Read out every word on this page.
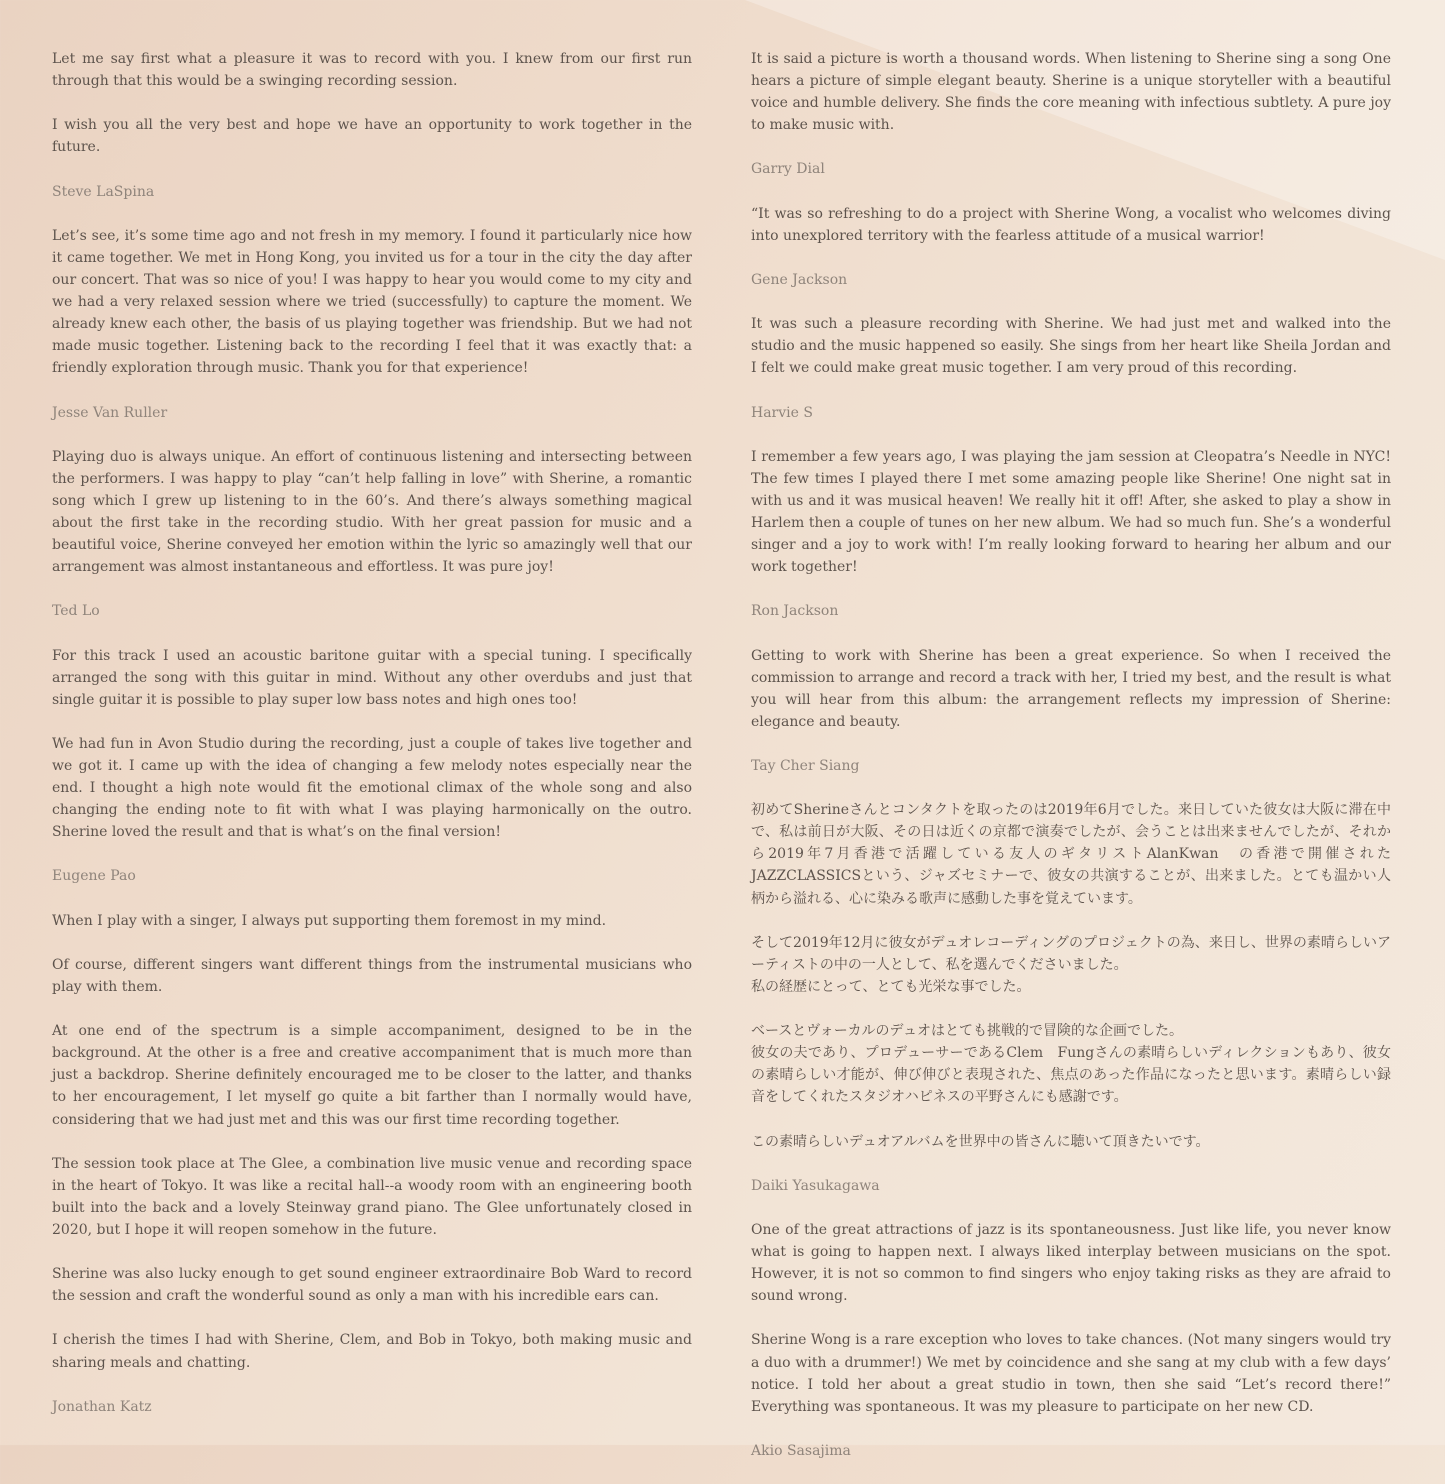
Let me say first what a pleasure it was to record with you. I knew from our first run through that this would be a swinging recording session.

I wish you all the very best and hope we have an opportunity to work together in the future.

Steve LaSpina

Let’s see, it’s some time ago and not fresh in my memory. I found it particularly nice how it came together. We met in Hong Kong, you invited us for a tour in the city the day after our concert. That was so nice of you! I was happy to hear you would come to my city and we had a very relaxed session where we tried (successfully) to capture the moment. We already knew each other, the basis of us playing together was friendship. But we had not made music together. Listening back to the recording I feel that it was exactly that: a friendly exploration through music. Thank you for that experience!

Jesse Van Ruller

Playing duo is always unique. An effort of continuous listening and intersecting between the performers. I was happy to play “can’t help falling in love” with Sherine, a romantic song which I grew up listening to in the 60’s. And there’s always something magical about the first take in the recording studio. With her great passion for music and a beautiful voice, Sherine conveyed her emotion within the lyric so amazingly well that our arrangement was almost instantaneous and effortless. It was pure joy!

Ted Lo

For this track I used an acoustic baritone guitar with a special tuning. I specifically arranged the song with this guitar in mind. Without any other overdubs and just that single guitar it is possible to play super low bass notes and high ones too!

We had fun in Avon Studio during the recording, just a couple of takes live together and we got it. I came up with the idea of changing a few melody notes especially near the end. I thought a high note would fit the emotional climax of the whole song and also changing the ending note to fit with what I was playing harmonically on the outro. Sherine loved the result and that is what’s on the final version!

Eugene Pao

When I play with a singer, I always put supporting them foremost in my mind.

Of course, different singers want different things from the instrumental musicians who play with them.

At one end of the spectrum is a simple accompaniment, designed to be in the background. At the other is a free and creative accompaniment that is much more than just a backdrop. Sherine definitely encouraged me to be closer to the latter, and thanks to her encouragement, I let myself go quite a bit farther than I normally would have, considering that we had just met and this was our first time recording together.

The session took place at The Glee, a combination live music venue and recording space in the heart of Tokyo. It was like a recital hall--a woody room with an engineering booth built into the back and a lovely Steinway grand piano. The Glee unfortunately closed in 2020, but I hope it will reopen somehow in the future.

Sherine was also lucky enough to get sound engineer extraordinaire Bob Ward to record the session and craft the wonderful sound as only a man with his incredible ears can.

I cherish the times I had with Sherine, Clem, and Bob in Tokyo, both making music and sharing meals and chatting.

Jonathan Katz

It is said a picture is worth a thousand words. When listening to Sherine sing a song One hears a picture of simple elegant beauty. Sherine is a unique storyteller with a beautiful voice and humble delivery. She finds the core meaning with infectious subtlety. A pure joy to make music with.

Garry Dial

“It was so refreshing to do a project with Sherine Wong, a vocalist who welcomes diving into unexplored territory with the fearless attitude of a musical warrior!

Gene Jackson

It was such a pleasure recording with Sherine. We had just met and walked into the studio and the music happened so easily. She sings from her heart like Sheila Jordan and I felt we could make great music together. I am very proud of this recording.

Harvie S

I remember a few years ago, I was playing the jam session at Cleopatra’s Needle in NYC! The few times I played there I met some amazing people like Sherine! One night sat in with us and it was musical heaven! We really hit it off! After, she asked to play a show in Harlem then a couple of tunes on her new album. We had so much fun. She’s a wonderful singer and a joy to work with! I’m really looking forward to hearing her album and our work together!

Ron Jackson

Getting to work with Sherine has been a great experience. So when I received the commission to arrange and record a track with her, I tried my best, and the result is what you will hear from this album: the arrangement reflects my impression of Sherine: elegance and beauty.

Tay Cher Siang

初めてSherineさんとコンタクトを取ったのは2019年6月でした。来日していた彼女は大阪に滞在中で、私は前日が大阪、その日は近くの京都で演奏でしたが、会うことは出来ませんでしたが、それから2019年7月香港で活躍している友人のギタリストAlanKwan　の香港で開催されたJAZZCLASSICSという、ジャズセミナーで、彼女の共演することが、出来ました。とても温かい人柄から溢れる、心に染みる歌声に感動した事を覚えています。

そして2019年12月に彼女がデュオレコーディングのプロジェクトの為、来日し、世界の素晴らしいアーティストの中の一人として、私を選んでくださいました。
私の経歴にとって、とても光栄な事でした。

ベースとヴォーカルのデュオはとても挑戦的で冒険的な企画でした。
彼女の夫であり、プロデューサーであるClem　Fungさんの素晴らしいディレクションもあり、彼女の素晴らしい才能が、伸び伸びと表現された、焦点のあった作品になったと思います。素晴らしい録音をしてくれたスタジオハピネスの平野さんにも感謝です。

この素晴らしいデュオアルバムを世界中の皆さんに聴いて頂きたいです。

Daiki Yasukagawa

One of the great attractions of jazz is its spontaneousness. Just like life, you never know what is going to happen next. I always liked interplay between musicians on the spot. However, it is not so common to find singers who enjoy taking risks as they are afraid to sound wrong.

Sherine Wong is a rare exception who loves to take chances. (Not many singers would try a duo with a drummer!) We met by coincidence and she sang at my club with a few days’ notice. I told her about a great studio in town, then she said “Let’s record there!” Everything was spontaneous. It was my pleasure to participate on her new CD.

Akio Sasajima
